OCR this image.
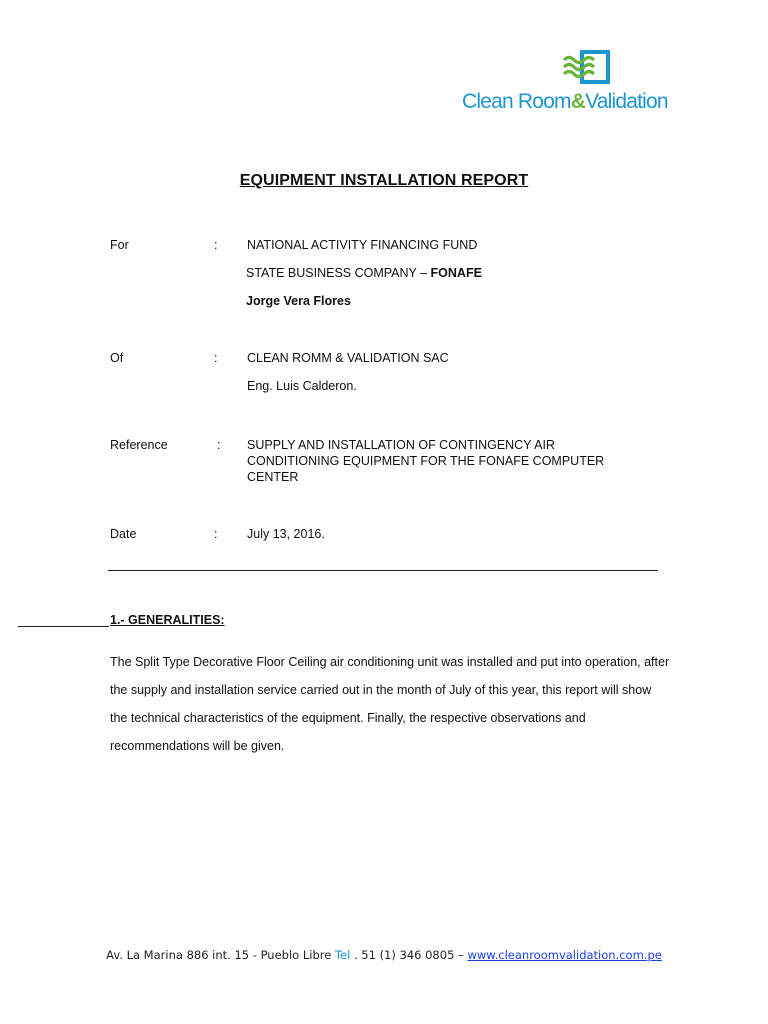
Clean Room&Validation
EQUIPMENT INSTALLATION REPORT
For	: NATIONAL ACTIVITY FINANCING FUND
STATE BUSINESS COMPANY – FONAFE
Jorge Vera Flores
Of	: CLEAN ROMM & VALIDATION SAC
Eng. Luis Calderon.
Reference	: SUPPLY AND INSTALLATION OF CONTINGENCY AIR CONDITIONING EQUIPMENT FOR THE FONAFE COMPUTER CENTER
Date	: July 13, 2016.
1.- GENERALITIES:

The Split Type Decorative Floor Ceiling air conditioning unit was installed and put into operation, after the supply and installation service carried out in the month of July of this year, this report will show the technical characteristics of the equipment. Finally, the respective observations and recommendations will be given.

Av. La Marina 886 int. 15 - Pueblo Libre Tel . 51 (1) 346 0805 – www.cleanroomvalidation.com.pe
